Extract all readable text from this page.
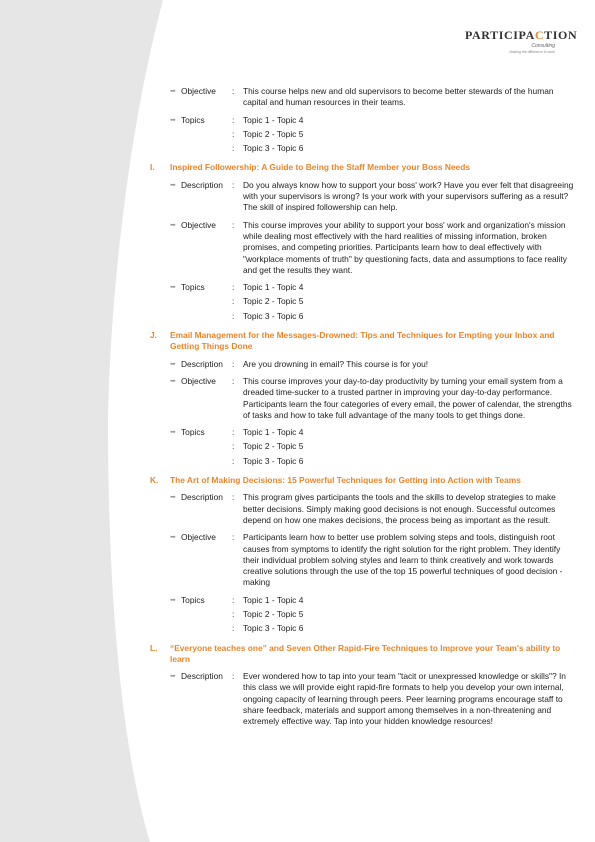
PARTICIPACTION
Consulting
Making the difference in work
➥ Objective :	This course helps new and old supervisors to become better stewards of the human capital and human resources in their teams.
➥ Topics	:	Topic 1 - Topic 4
:	Topic 2 - Topic 5
:	Topic 3 - Topic 6
I.	Inspired Followership: A Guide to Being the Staff Member your Boss Needs
➥ Description :	Do you always know how to support your boss' work? Have you ever felt that disagreeing with your supervisors is wrong? Is your work with your supervisors suffering as a result? The skill of inspired followership can help.
➥ Objective :	This course improves your ability to support your boss' work and organization's mission while dealing most effectively with the hard realities of missing information, broken promises, and competing priorities. Participants learn how to deal effectively with "workplace moments of truth" by questioning facts, data and assumptions to face reality and get the results they want.
➥ Topics	:	Topic 1 - Topic 4
:	Topic 2 - Topic 5
:	Topic 3 - Topic 6
J.	Email Management for the Messages-Drowned: Tips and Techniques for Empting your Inbox and Getting Things Done
➥ Description :	Are you drowning in email? This course is for you!
➥ Objective :	This course improves your day-to-day productivity by turning your email system from a dreaded time-sucker to a trusted partner in improving your day-to-day performance. Participants learn the four categories of every email, the power of calendar, the strengths of tasks and how to take full advantage of the many tools to get things done.
➥ Topics	:	Topic 1 - Topic 4
:	Topic 2 - Topic 5
:	Topic 3 - Topic 6
K.	The Art of Making Decisions: 15 Powerful Techniques for Getting into Action with Teams
➥ Description :	This program gives participants the tools and the skills to develop strategies to make better decisions. Simply making good decisions is not enough. Successful outcomes depend on how one makes decisions, the process being as important as the result.
➥ Objective :	Participants learn how to better use problem solving steps and tools, distinguish root causes from symptoms to identify the right solution for the right problem. They identify their individual problem solving styles and learn to think creatively and work towards creative solutions through the use of the top 15 powerful techniques of good decision -making
➥ Topics	:	Topic 1 - Topic 4
:	Topic 2 - Topic 5
:	Topic 3 - Topic 6
L.	“Everyone teaches one” and Seven Other Rapid-Fire Techniques to Improve your Team's ability to learn
➥ Description :	Ever wondered how to tap into your team "tacit or unexpressed knowledge or skills"? In this class we will provide eight rapid-fire formats to help you develop your own internal, ongoing capacity of learning through peers. Peer learning programs encourage staff to share feedback, materials and support among themselves in a non-threatening and extremely effective way. Tap into your hidden knowledge resources!
